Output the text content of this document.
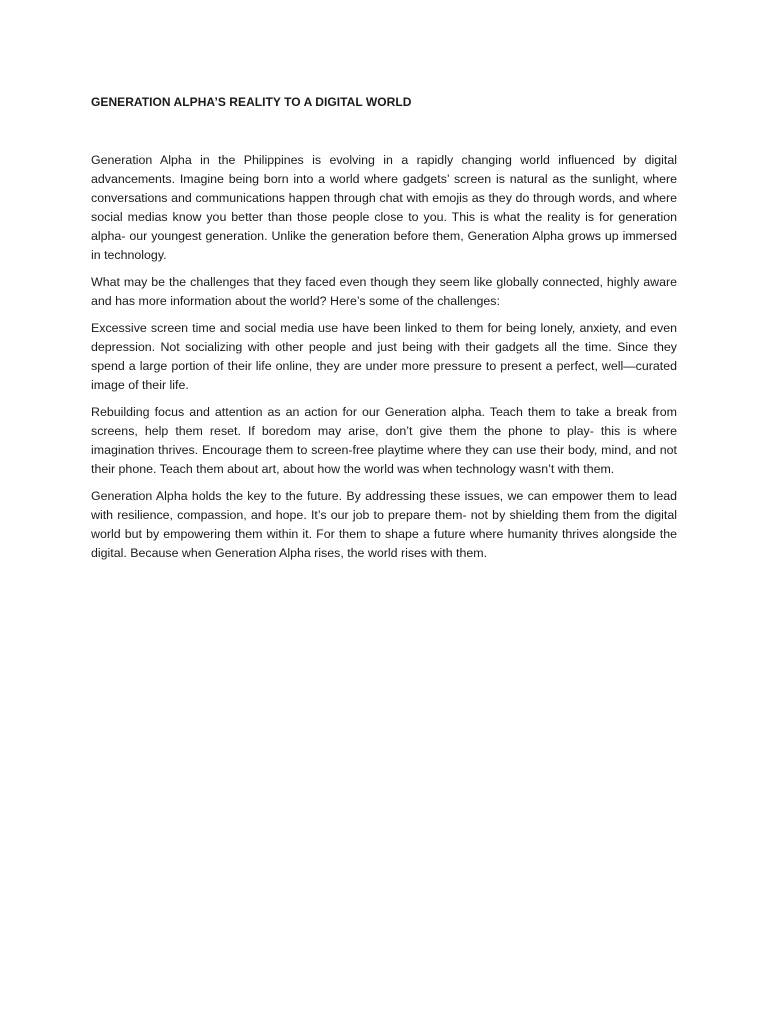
GENERATION ALPHA’S REALITY TO A DIGITAL WORLD

Generation Alpha in the Philippines is evolving in a rapidly changing world influenced by digital advancements. Imagine being born into a world where gadgets’ screen is natural as the sunlight, where conversations and communications happen through chat with emojis as they do through words, and where social medias know you better than those people close to you. This is what the reality is for generation alpha- our youngest generation. Unlike the generation before them, Generation Alpha grows up immersed in technology.

What may be the challenges that they faced even though they seem like globally connected, highly aware and has more information about the world? Here’s some of the challenges:

Excessive screen time and social media use have been linked to them for being lonely, anxiety, and even depression. Not socializing with other people and just being with their gadgets all the time. Since they spend a large portion of their life online, they are under more pressure to present a perfect, well—curated image of their life.

Rebuilding focus and attention as an action for our Generation alpha. Teach them to take a break from screens, help them reset. If boredom may arise, don’t give them the phone to play- this is where imagination thrives. Encourage them to screen-free playtime where they can use their body, mind, and not their phone. Teach them about art, about how the world was when technology wasn’t with them.

Generation Alpha holds the key to the future. By addressing these issues, we can empower them to lead with resilience, compassion, and hope. It’s our job to prepare them- not by shielding them from the digital world but by empowering them within it. For them to shape a future where humanity thrives alongside the digital. Because when Generation Alpha rises, the world rises with them.
